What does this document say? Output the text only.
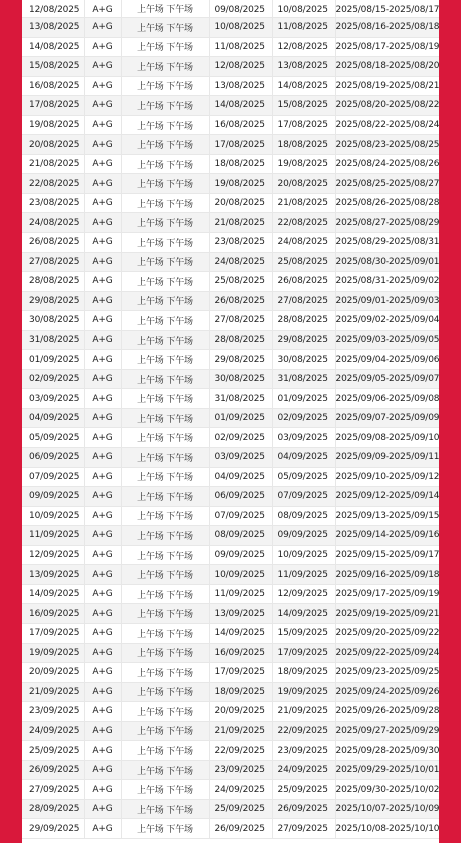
12/08/2025	A+G	上午场 下午场	09/08/2025	10/08/2025	2025/08/15-2025/08/17
13/08/2025	A+G	上午场 下午场	10/08/2025	11/08/2025	2025/08/16-2025/08/18
14/08/2025	A+G	上午场 下午场	11/08/2025	12/08/2025	2025/08/17-2025/08/19
15/08/2025	A+G	上午场 下午场	12/08/2025	13/08/2025	2025/08/18-2025/08/20
16/08/2025	A+G	上午场 下午场	13/08/2025	14/08/2025	2025/08/19-2025/08/21
17/08/2025	A+G	上午场 下午场	14/08/2025	15/08/2025	2025/08/20-2025/08/22
19/08/2025	A+G	上午场 下午场	16/08/2025	17/08/2025	2025/08/22-2025/08/24
20/08/2025	A+G	上午场 下午场	17/08/2025	18/08/2025	2025/08/23-2025/08/25
21/08/2025	A+G	上午场 下午场	18/08/2025	19/08/2025	2025/08/24-2025/08/26
22/08/2025	A+G	上午场 下午场	19/08/2025	20/08/2025	2025/08/25-2025/08/27
23/08/2025	A+G	上午场 下午场	20/08/2025	21/08/2025	2025/08/26-2025/08/28
24/08/2025	A+G	上午场 下午场	21/08/2025	22/08/2025	2025/08/27-2025/08/29
26/08/2025	A+G	上午场 下午场	23/08/2025	24/08/2025	2025/08/29-2025/08/31
27/08/2025	A+G	上午场 下午场	24/08/2025	25/08/2025	2025/08/30-2025/09/01
28/08/2025	A+G	上午场 下午场	25/08/2025	26/08/2025	2025/08/31-2025/09/02
29/08/2025	A+G	上午场 下午场	26/08/2025	27/08/2025	2025/09/01-2025/09/03
30/08/2025	A+G	上午场 下午场	27/08/2025	28/08/2025	2025/09/02-2025/09/04
31/08/2025	A+G	上午场 下午场	28/08/2025	29/08/2025	2025/09/03-2025/09/05
01/09/2025	A+G	上午场 下午场	29/08/2025	30/08/2025	2025/09/04-2025/09/06
02/09/2025	A+G	上午场 下午场	30/08/2025	31/08/2025	2025/09/05-2025/09/07
03/09/2025	A+G	上午场 下午场	31/08/2025	01/09/2025	2025/09/06-2025/09/08
04/09/2025	A+G	上午场 下午场	01/09/2025	02/09/2025	2025/09/07-2025/09/09
05/09/2025	A+G	上午场 下午场	02/09/2025	03/09/2025	2025/09/08-2025/09/10
06/09/2025	A+G	上午场 下午场	03/09/2025	04/09/2025	2025/09/09-2025/09/11
07/09/2025	A+G	上午场 下午场	04/09/2025	05/09/2025	2025/09/10-2025/09/12
09/09/2025	A+G	上午场 下午场	06/09/2025	07/09/2025	2025/09/12-2025/09/14
10/09/2025	A+G	上午场 下午场	07/09/2025	08/09/2025	2025/09/13-2025/09/15
11/09/2025	A+G	上午场 下午场	08/09/2025	09/09/2025	2025/09/14-2025/09/16
12/09/2025	A+G	上午场 下午场	09/09/2025	10/09/2025	2025/09/15-2025/09/17
13/09/2025	A+G	上午场 下午场	10/09/2025	11/09/2025	2025/09/16-2025/09/18
14/09/2025	A+G	上午场 下午场	11/09/2025	12/09/2025	2025/09/17-2025/09/19
16/09/2025	A+G	上午场 下午场	13/09/2025	14/09/2025	2025/09/19-2025/09/21
17/09/2025	A+G	上午场 下午场	14/09/2025	15/09/2025	2025/09/20-2025/09/22
19/09/2025	A+G	上午场 下午场	16/09/2025	17/09/2025	2025/09/22-2025/09/24
20/09/2025	A+G	上午场 下午场	17/09/2025	18/09/2025	2025/09/23-2025/09/25
21/09/2025	A+G	上午场 下午场	18/09/2025	19/09/2025	2025/09/24-2025/09/26
23/09/2025	A+G	上午场 下午场	20/09/2025	21/09/2025	2025/09/26-2025/09/28
24/09/2025	A+G	上午场 下午场	21/09/2025	22/09/2025	2025/09/27-2025/09/29
25/09/2025	A+G	上午场 下午场	22/09/2025	23/09/2025	2025/09/28-2025/09/30
26/09/2025	A+G	上午场 下午场	23/09/2025	24/09/2025	2025/09/29-2025/10/01
27/09/2025	A+G	上午场 下午场	24/09/2025	25/09/2025	2025/09/30-2025/10/02
28/09/2025	A+G	上午场 下午场	25/09/2025	26/09/2025	2025/10/07-2025/10/09
29/09/2025	A+G	上午场 下午场	26/09/2025	27/09/2025	2025/10/08-2025/10/10
